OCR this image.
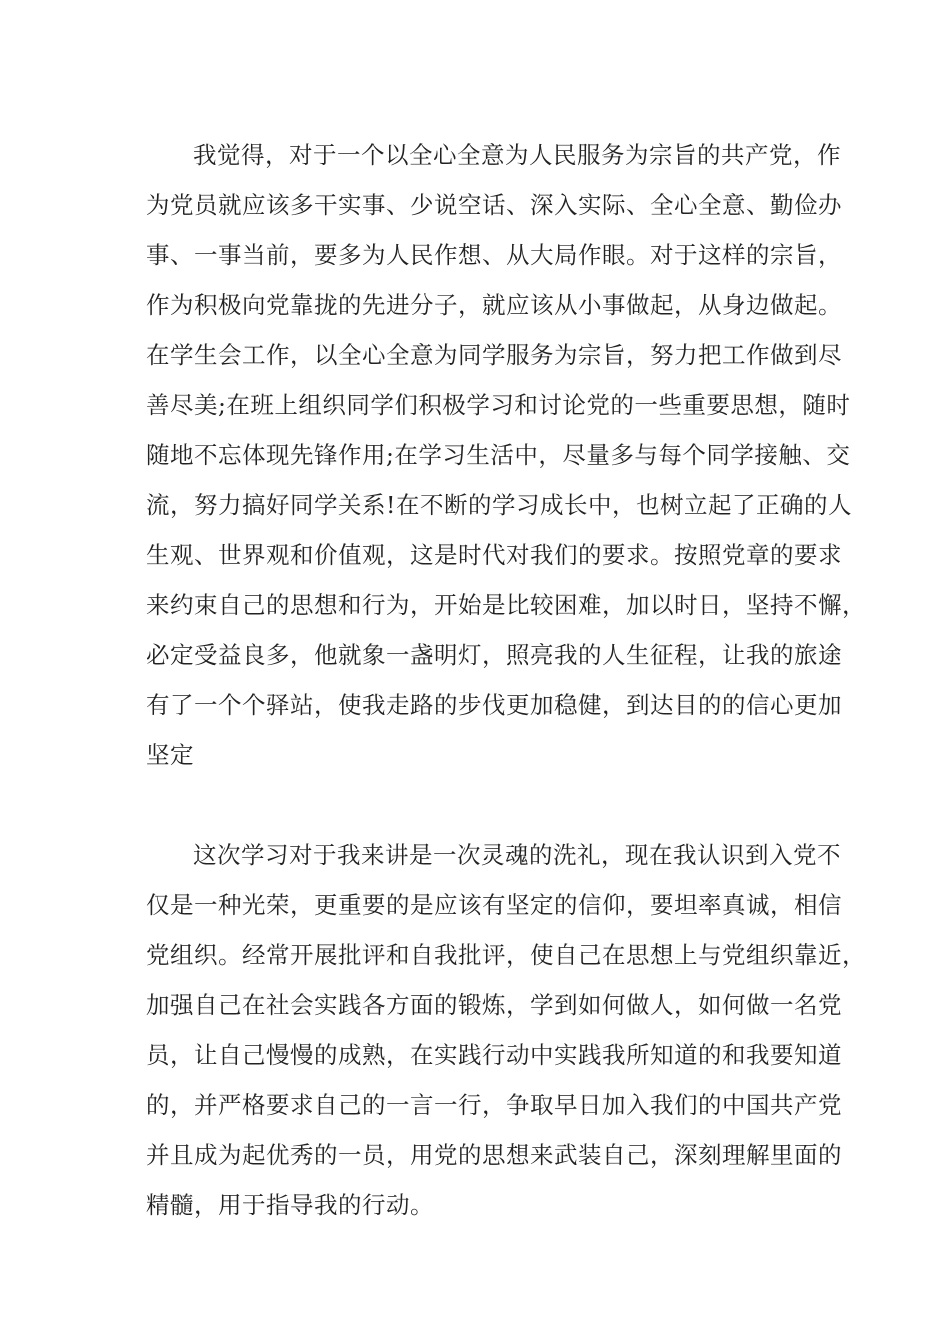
我觉得，对于一个以全心全意为人民服务为宗旨的共产党，作
为党员就应该多干实事、少说空话、深入实际、全心全意、勤俭办
事、一事当前，要多为人民作想、从大局作眼。对于这样的宗旨，
作为积极向党靠拢的先进分子，就应该从小事做起，从身边做起。
在学生会工作，以全心全意为同学服务为宗旨，努力把工作做到尽
善尽美;在班上组织同学们积极学习和讨论党的一些重要思想，随时
随地不忘体现先锋作用;在学习生活中，尽量多与每个同学接触、交
流，努力搞好同学关系!在不断的学习成长中，也树立起了正确的人
生观、世界观和价值观，这是时代对我们的要求。按照党章的要求
来约束自己的思想和行为，开始是比较困难，加以时日，坚持不懈，
必定受益良多，他就象一盏明灯，照亮我的人生征程，让我的旅途
有了一个个驿站，使我走路的步伐更加稳健，到达目的的信心更加
坚定
这次学习对于我来讲是一次灵魂的洗礼，现在我认识到入党不
仅是一种光荣，更重要的是应该有坚定的信仰，要坦率真诚，相信
党组织。经常开展批评和自我批评，使自己在思想上与党组织靠近，
加强自己在社会实践各方面的锻炼，学到如何做人，如何做一名党
员，让自己慢慢的成熟，在实践行动中实践我所知道的和我要知道
的，并严格要求自己的一言一行，争取早日加入我们的中国共产党
并且成为起优秀的一员，用党的思想来武装自己，深刻理解里面的
精髓，用于指导我的行动。
